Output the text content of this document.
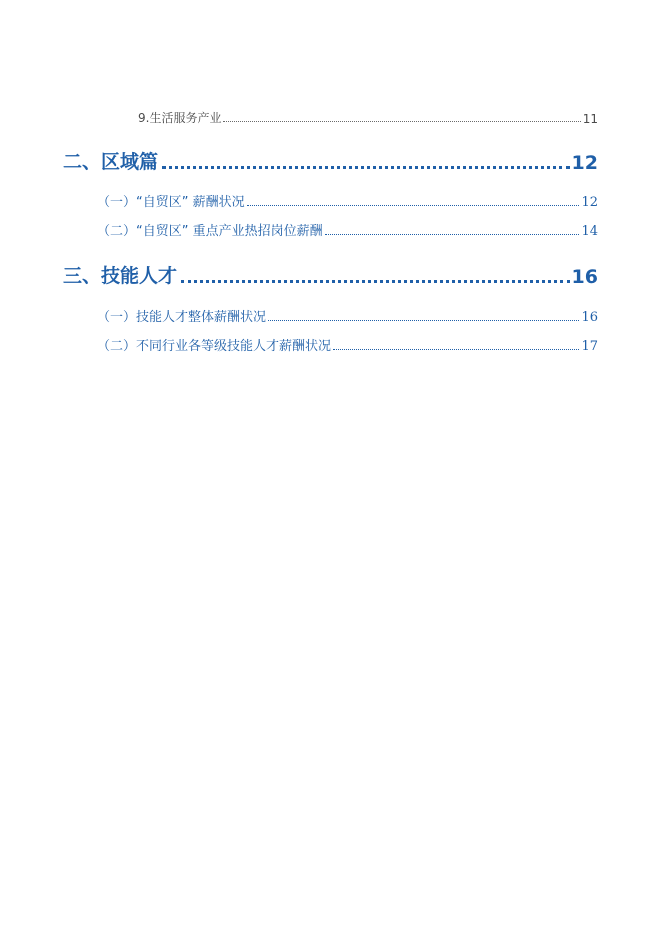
9.生活服务产业	11
二、区域篇	12
（一）“自贸区” 薪酬状况	12
（二）“自贸区” 重点产业热招岗位薪酬	14
三、技能人才	16
（一）技能人才整体薪酬状况	16
（二）不同行业各等级技能人才薪酬状况	17
